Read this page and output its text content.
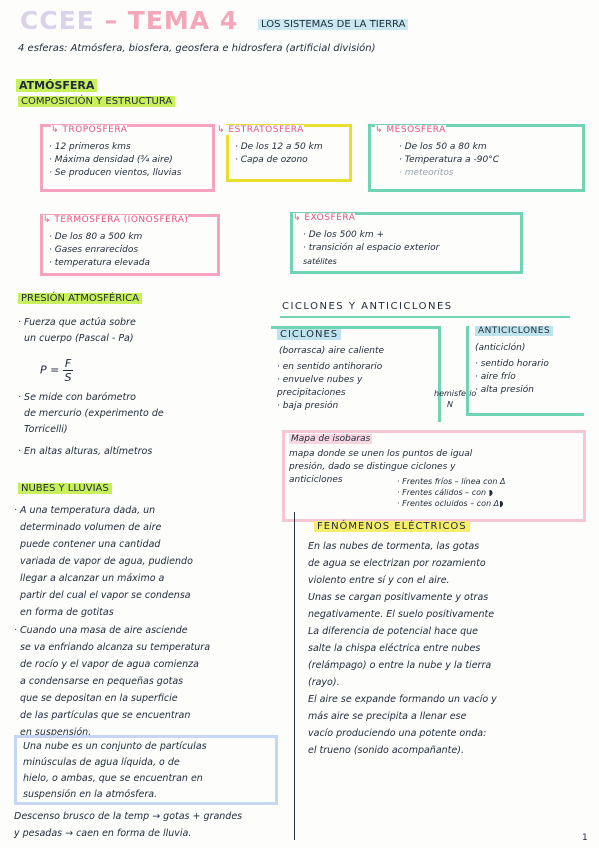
CCEE – TEMA 4	LOS SISTEMAS DE LA TIERRA
4 esferas: Atmósfera, biosfera, geosfera e hidrosfera (artificial división)
ATMÓSFERA
COMPOSICIÓN Y ESTRUCTURA
↳ TROPOSFERA
· 12 primeros kms
· Máxima densidad (¾ aire)
· Se producen vientos, lluvias
↳ ESTRATOSFERA
· De los 12 a 50 km
· Capa de ozono
↳ MESOSFERA
· De los 50 a 80 km
· Temperatura a -90°C
· meteoritos
↳ TERMOSFERA (IONOSFERA)
· De los 80 a 500 km
· Gases enrarecidos
· temperatura elevada
↳ EXOSFERA
· De los 500 km +
· transición al espacio exterior
satélites
PRESIÓN ATMOSFÉRICA
· Fuerza que actúa sobre
un cuerpo (Pascal - Pa)
$P = \frac{F}{S}$
· Se mide con barómetro
de mercurio (experimento de
Torricelli)
· En altas alturas, altímetros
CICLONES Y ANTICICLONES
CICLONES
(borrasca) aire caliente
· en sentido antihorario
· envuelve nubes y precipitaciones
· baja presión
hemisferio N
ANTICICLONES
(anticiclón)
· sentido horario
· aire frío
· alta presión
Mapa de isobaras
mapa donde se unen los puntos de igual
presión, dado se distingue ciclones y
anticiclones	· Frentes fríos – línea con Δ
· Frentes cálidos – con ◗
· Frentes ocluidos – con Δ◗
NUBES Y LLUVIAS
· A una temperatura dada, un
determinado volumen de aire
puede contener una cantidad
variada de vapor de agua, pudiendo
llegar a alcanzar un máximo a
partir del cual el vapor se condensa
en forma de gotitas
· Cuando una masa de aire asciende
se va enfriando alcanza su temperatura
de rocío y el vapor de agua comienza
a condensarse en pequeñas gotas
que se depositan en la superficie
de las partículas que se encuentran
en suspensión.
Una nube es un conjunto de partículas
minúsculas de agua líquida, o de
hielo, o ambas, que se encuentran en
suspensión en la atmósfera.
Descenso brusco de la temp → gotas + grandes
y pesadas → caen en forma de lluvia.
FENÓMENOS ELÉCTRICOS
En las nubes de tormenta, las gotas
de agua se electrizan por rozamiento
violento entre sí y con el aire.
Unas se cargan positivamente y otras
negativamente. El suelo positivamente
La diferencia de potencial hace que
salte la chispa eléctrica entre nubes
(relámpago) o entre la nube y la tierra
(rayo).
El aire se expande formando un vacío y
más aire se precipita a llenar ese
vacío produciendo una potente onda:
el trueno (sonido acompañante).
1
